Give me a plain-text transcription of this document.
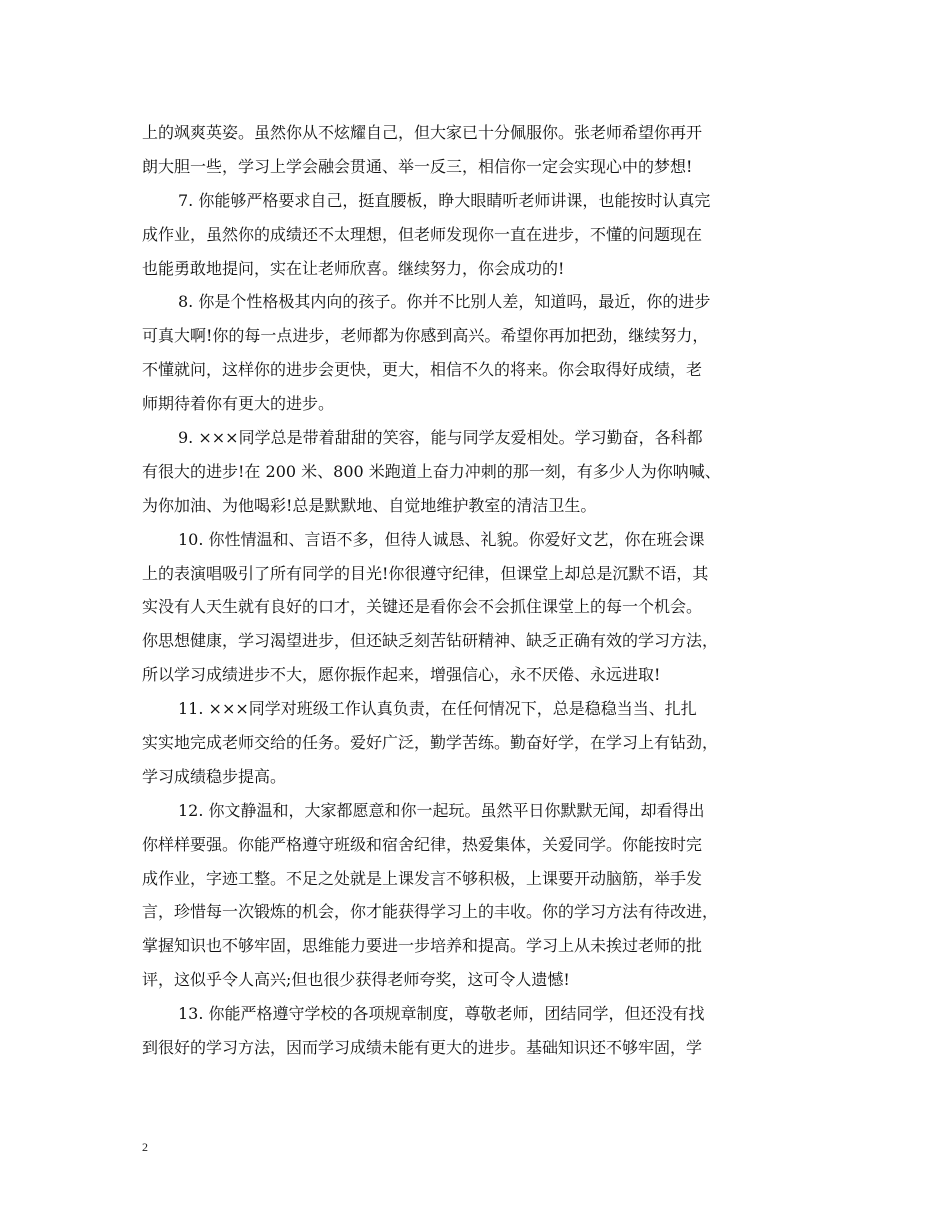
上的飒爽英姿。虽然你从不炫耀自己，但大家已十分佩服你。张老师希望你再开
朗大胆一些，学习上学会融会贯通、举一反三，相信你一定会实现心中的梦想!
7. 你能够严格要求自己，挺直腰板，睁大眼睛听老师讲课，也能按时认真完
成作业，虽然你的成绩还不太理想，但老师发现你一直在进步，不懂的问题现在
也能勇敢地提问，实在让老师欣喜。继续努力，你会成功的!
8. 你是个性格极其内向的孩子。你并不比别人差，知道吗，最近，你的进步
可真大啊!你的每一点进步，老师都为你感到高兴。希望你再加把劲，继续努力，
不懂就问，这样你的进步会更快，更大，相信不久的将来。你会取得好成绩，老
师期待着你有更大的进步。
9. ×××同学总是带着甜甜的笑容，能与同学友爱相处。学习勤奋，各科都
有很大的进步!在 200 米、800 米跑道上奋力冲刺的那一刻，有多少人为你呐喊、
为你加油、为他喝彩!总是默默地、自觉地维护教室的清洁卫生。
10. 你性情温和、言语不多，但待人诚恳、礼貌。你爱好文艺，你在班会课
上的表演唱吸引了所有同学的目光!你很遵守纪律，但课堂上却总是沉默不语，其
实没有人天生就有良好的口才，关键还是看你会不会抓住课堂上的每一个机会。
你思想健康，学习渴望进步，但还缺乏刻苦钻研精神、缺乏正确有效的学习方法，
所以学习成绩进步不大，愿你振作起来，增强信心，永不厌倦、永远进取!
11. ×××同学对班级工作认真负责，在任何情况下，总是稳稳当当、扎扎
实实地完成老师交给的任务。爱好广泛，勤学苦练。勤奋好学，在学习上有钻劲，
学习成绩稳步提高。
12. 你文静温和，大家都愿意和你一起玩。虽然平日你默默无闻，却看得出
你样样要强。你能严格遵守班级和宿舍纪律，热爱集体，关爱同学。你能按时完
成作业，字迹工整。不足之处就是上课发言不够积极，上课要开动脑筋，举手发
言，珍惜每一次锻炼的机会，你才能获得学习上的丰收。你的学习方法有待改进，
掌握知识也不够牢固，思维能力要进一步培养和提高。学习上从未挨过老师的批
评，这似乎令人高兴;但也很少获得老师夸奖，这可令人遗憾!
13. 你能严格遵守学校的各项规章制度，尊敬老师，团结同学，但还没有找
到很好的学习方法，因而学习成绩未能有更大的进步。基础知识还不够牢固，学
2
